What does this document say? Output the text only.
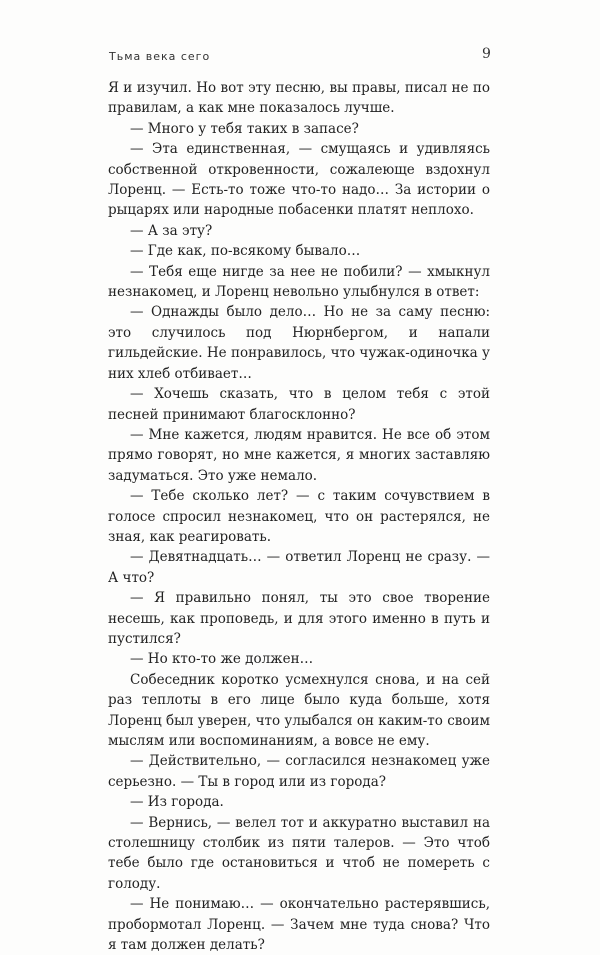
Тьма века сего	9

Я и изучил. Но вот эту песню, вы правы, писал не по правилам, а как мне показалось лучше.

— Много у тебя таких в запасе?

— Эта единственная, — смущаясь и удивляясь собственной откровенности, сожалеюще вздохнул Лоренц. — Есть-то тоже что-то надо… За истории о рыцарях или народные побасенки платят неплохо.

— А за эту?

— Где как, по-всякому бывало…

— Тебя еще нигде за нее не побили? — хмыкнул незнакомец, и Лоренц невольно улыбнулся в ответ:

— Однажды было дело… Но не за саму песню: это случилось под Нюрнбергом, и напали гильдейские. Не понравилось, что чужак-одиночка у них хлеб отбивает…

— Хочешь сказать, что в целом тебя с этой песней принимают благосклонно?

— Мне кажется, людям нравится. Не все об этом прямо говорят, но мне кажется, я многих заставляю задуматься. Это уже немало.

— Тебе сколько лет? — с таким сочувствием в голосе спросил незнакомец, что он растерялся, не зная, как реагировать.

— Девятнадцать… — ответил Лоренц не сразу. — А что?

— Я правильно понял, ты это свое творение несешь, как проповедь, и для этого именно в путь и пустился?

— Но кто-то же должен…

Собеседник коротко усмехнулся снова, и на сей раз теплоты в его лице было куда больше, хотя Лоренц был уверен, что улыбался он каким-то своим мыслям или воспоминаниям, а вовсе не ему.

— Действительно, — согласился незнакомец уже серьезно. — Ты в город или из города?

— Из города.

— Вернись, — велел тот и аккуратно выставил на столешницу столбик из пяти талеров. — Это чтоб тебе было где остановиться и чтоб не помереть с голоду.

— Не понимаю… — окончательно растерявшись, пробормотал Лоренц. — Зачем мне туда снова? Что я там должен делать?
